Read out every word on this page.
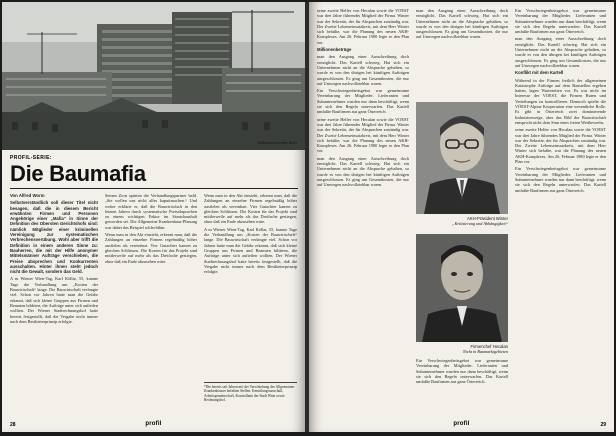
Millionenmonster AKH
PROFIL-SERIE:
Die Baumafia

Von Alfred Worm

Selbstverständlich soll dieser Titel nicht besagen, daß die in diesem Bericht erwähnten Firmen und Personen Angehörige einer „Mafia“ in Sinne der Definition des Obersten Gerichtshofs sind: nämlich Mitglieder einer kriminellen Vereinigung zur systematischen Verbrechensverübung. Wohl aber trifft die Definition in einem anderen Sinne zu: Bauherren, die mit der Hilfe anonymer Mittelsmänner Aufträge verschieben, die Preise absprechen und Konkurrenten ausschalten. Hinter ihnen steht jedoch nicht die Gewalt, sondern das Geld.

A m Wiener Wien-Tag, Karl Köllar, 55, kannte Tage die Verhandlung um „Kosten der Bauwirtschaft“ lange. Die Bauwirtschaft verlangte viel. Schon vor Jahren hatte man die Gefahr erkannt, daß sich kleine Gruppen aus Firmen und Beamten bildeten, die Aufträge unter sich aufteilen wollten. Der Wiener Stadtrechnungshof hatte bereits festgestellt, daß die Vergabe nicht immer nach dem Bestbieterprinzip erfolgte.

Seinen Zorn spürten die Verhandlungspartner bald. „Sie wollen uns nicht alles kaputtmachen.“ Und weiter erklärte er, daß die Bauwirtschaft in den letzten Jahren durch systematische Preisabsprachen zu einem wichtigen Faktor im Staatshaushalt geworden sei. Die Allgemeine Krankenhaus-Planung war dabei das Beispiel schlechthin.

Wenn man in den Akt einsieht, erkennt man, daß die Zahlungen an einzelne Firmen regelmäßig höher ausfielen als vereinbart. Vier Gutachter kamen zu gleichen Schlüssen. Die Kosten für das Projekt sind mittlerweile auf mehr als das Dreifache gestiegen, ohne daß ein Ende abzusehen wäre.

Wenn man in den Akt einsieht, erkennt man, daß die Zahlungen an einzelne Firmen regelmäßig höher ausfielen als vereinbart. Vier Gutachter kamen zu gleichen Schlüssen. Die Kosten für das Projekt sind mittlerweile auf mehr als das Dreifache gestiegen, ohne daß ein Ende abzusehen wäre.

A m Wiener Wien-Tag, Karl Köllar, 55, kannte Tage die Verhandlung um „Kosten der Bauwirtschaft“ lange. Die Bauwirtschaft verlangte viel. Schon vor Jahren hatte man die Gefahr erkannt, daß sich kleine Gruppen aus Firmen und Beamten bildeten, die Aufträge unter sich aufteilen wollten. Der Wiener Stadtrechnungshof hatte bereits festgestellt, daß die Vergabe nicht immer nach dem Bestbieterprinzip erfolgte.

*Die bereits seit Jahren mit der Verschiebung des Allgemeinen Krankenhauses befaßten Stellen: Ermittlungsausschuß, Arbeitsgemeinschaft, Kontrollamt der Stadt Wien sowie Rechnungshof.
28	profil

seine zweite Helfer von Hecalan sowie die VOEST war drei Jahre führendes Mitglied der Firma. Winter war der Sekretär, der für Absprachen zuständig war. Der Zweite Lebenseinsatzkreis, mit dem Herr Winter sich befaßte, war die Planung des neuen AKH-Komplexes. Am 26. Februar 1980 legte er den Plan vor.

Millionenbetrüge

man den Ausgang einer Ausschreibung doch ermöglicht. Das Kartell schwieg. Hat sich ein Unternehmen nicht an die Absprache gehalten, so wurde es von den übrigen bei künftigen Aufträgen ausgeschlossen. Es ging um Gesamtkosten, die nur auf Umwegen nachvollziehbar waren.

Ein Verschwiegenheitsgebot war gemeinsame Vereinbarung der Mitglieder. Lieferanten und Subunternehmer wurden nur dann beschäftigt, wenn sie sich den Regeln unterwarfen. Das Kartell umfaßte Baufirmen aus ganz Österreich.

seine zweite Helfer von Hecalan sowie die VOEST war drei Jahre führendes Mitglied der Firma. Winter war der Sekretär, der für Absprachen zuständig war. Der Zweite Lebenseinsatzkreis, mit dem Herr Winter sich befaßte, war die Planung des neuen AKH-Komplexes. Am 26. Februar 1980 legte er den Plan vor.

man den Ausgang einer Ausschreibung doch ermöglicht. Das Kartell schwieg. Hat sich ein Unternehmen nicht an die Absprache gehalten, so wurde es von den übrigen bei künftigen Aufträgen ausgeschlossen. Es ging um Gesamtkosten, die nur auf Umwegen nachvollziehbar waren.

man den Ausgang einer Ausschreibung doch ermöglicht. Das Kartell schwieg. Hat sich ein Unternehmen nicht an die Absprache gehalten, so wurde es von den übrigen bei künftigen Aufträgen ausgeschlossen. Es ging um Gesamtkosten, die nur auf Umwegen nachvollziehbar waren.

AKH-Präsident Winter
„Kritisierung und Abhängigkeit“
Firmenchef Hecalan
Nicht in Baumarktgebieten

Ein Verschwiegenheitsgebot war gemeinsame Vereinbarung der Mitglieder. Lieferanten und Subunternehmer wurden nur dann beschäftigt, wenn sie sich den Regeln unterwarfen. Das Kartell umfaßte Baufirmen aus ganz Österreich.

Ein Verschwiegenheitsgebot war gemeinsame Vereinbarung der Mitglieder. Lieferanten und Subunternehmer wurden nur dann beschäftigt, wenn sie sich den Regeln unterwarfen. Das Kartell umfaßte Baufirmen aus ganz Österreich.

man den Ausgang einer Ausschreibung doch ermöglicht. Das Kartell schwieg. Hat sich ein Unternehmen nicht an die Absprache gehalten, so wurde es von den übrigen bei künftigen Aufträgen ausgeschlossen. Es ging um Gesamtkosten, die nur auf Umwegen nachvollziehbar waren.

Konflikt mit dem Kartell

Während in der Firmen freilich der allgemeinen Katastrophe Aufträge auf dem Baustellen ergeben hatten, lagen Wartezeiten vor. Es war nicht im Interesse der VOEST, die Firmen Ruten und Verteilungen zu kontrollieren. Dennoch spielte die VÖEST-Alpine Kooperation eine wesentliche Rolle. Es gibt in Österreich zwei dominierende Industriezweige, aber das Bild der Bauwirtschaft entspricht nicht dem Sinn eines freien Wettbewerbs.

seine zweite Helfer von Hecalan sowie die VOEST war drei Jahre führendes Mitglied der Firma. Winter war der Sekretär, der für Absprachen zuständig war. Der Zweite Lebenseinsatzkreis, mit dem Herr Winter sich befaßte, war die Planung des neuen AKH-Komplexes. Am 26. Februar 1980 legte er den Plan vor.

Ein Verschwiegenheitsgebot war gemeinsame Vereinbarung der Mitglieder. Lieferanten und Subunternehmer wurden nur dann beschäftigt, wenn sie sich den Regeln unterwarfen. Das Kartell umfaßte Baufirmen aus ganz Österreich.

profil	29
